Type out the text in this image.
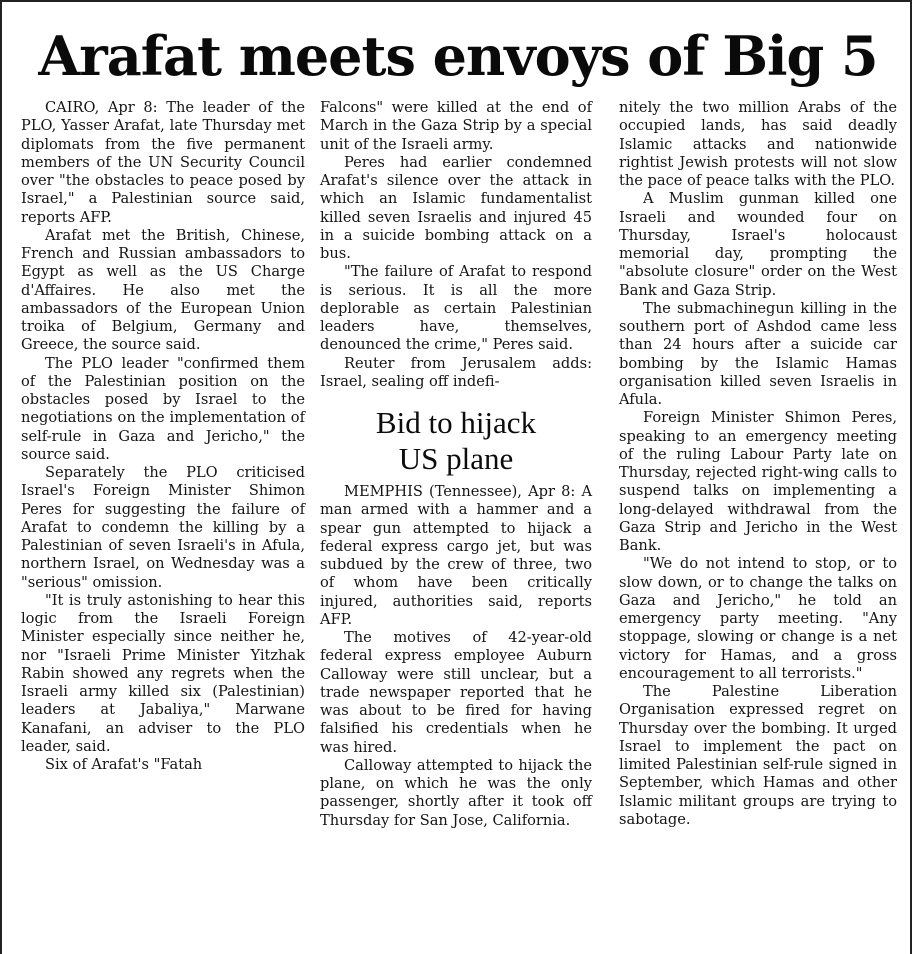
Arafat meets envoys of Big 5

CAIRO, Apr 8: The leader of the PLO, Yasser Arafat, late Thursday met diplomats from the five permanent members of the UN Security Council over "the obstacles to peace posed by Israel," a Palestinian source said, reports AFP.

Arafat met the British, Chinese, French and Russian ambassadors to Egypt as well as the US Charge d'Affaires. He also met the ambassadors of the European Union troika of Belgium, Germany and Greece, the source said.

The PLO leader "confirmed them of the Palestinian position on the obstacles posed by Israel to the negotiations on the implementation of self-rule in Gaza and Jericho," the source said.

Separately the PLO criticised Israel's Foreign Minister Shimon Peres for suggesting the failure of Arafat to condemn the killing by a Palestinian of seven Israeli's in Afula, northern Israel, on Wednesday was a "serious" omission.

"It is truly astonishing to hear this logic from the Israeli Foreign Minister especially since neither he, nor "Israeli Prime Minister Yitzhak Rabin showed any regrets when the Israeli army killed six (Palestinian) leaders at Jabaliya," Marwane Kanafani, an adviser to the PLO leader, said.

Six of Arafat's "Fatah

Falcons" were killed at the end of March in the Gaza Strip by a special unit of the Israeli army.

Peres had earlier condemned Arafat's silence over the attack in which an Islamic fundamentalist killed seven Israelis and injured 45 in a suicide bombing attack on a bus.

"The failure of Arafat to respond is serious. It is all the more deplorable as certain Palestinian leaders have, themselves, denounced the crime," Peres said.

Reuter from Jerusalem adds: Israel, sealing off indefi-

Bid to hijack
US plane

MEMPHIS (Tennessee), Apr 8: A man armed with a hammer and a spear gun attempted to hijack a federal express cargo jet, but was subdued by the crew of three, two of whom have been critically injured, authorities said, reports AFP.

The motives of 42-year-old federal express employee Auburn Calloway were still unclear, but a trade newspaper reported that he was about to be fired for having falsified his credentials when he was hired.

Calloway attempted to hijack the plane, on which he was the only passenger, shortly after it took off Thursday for San Jose, California.

nitely the two million Arabs of the occupied lands, has said deadly Islamic attacks and nationwide rightist Jewish protests will not slow the pace of peace talks with the PLO.

A Muslim gunman killed one Israeli and wounded four on Thursday, Israel's holocaust memorial day, prompting the "absolute closure" order on the West Bank and Gaza Strip.

The submachinegun killing in the southern port of Ashdod came less than 24 hours after a suicide car bombing by the Islamic Hamas organisation killed seven Israelis in Afula.

Foreign Minister Shimon Peres, speaking to an emergency meeting of the ruling Labour Party late on Thursday, rejected right-wing calls to suspend talks on implementing a long-delayed withdrawal from the Gaza Strip and Jericho in the West Bank.

"We do not intend to stop, or to slow down, or to change the talks on Gaza and Jericho," he told an emergency party meeting. "Any stoppage, slowing or change is a net victory for Hamas, and a gross encouragement to all terrorists."

The Palestine Liberation Organisation expressed regret on Thursday over the bombing. It urged Israel to implement the pact on limited Palestinian self-rule signed in September, which Hamas and other Islamic militant groups are trying to sabotage.
